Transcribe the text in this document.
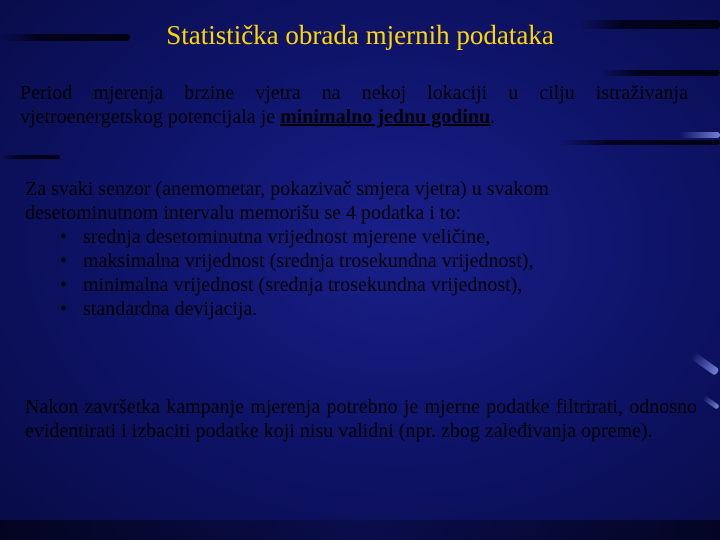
Statistička obrada mjernih podataka
Period mjerenja brzine vjetra na nekoj lokaciji u cilju istraživanja vjetroenergetskog potencijala je minimalno jednu godinu.
Za svaki senzor (anemometar, pokazivač smjera vjetra) u svakom desetominutnom intervalu memorišu se 4 podatka i to:
• srednja desetominutna vrijednost mjerene veličine,
• maksimalna vrijednost (srednja trosekundna vrijednost),
• minimalna vrijednost (srednja trosekundna vrijednost),
• standardna devijacija.
Nakon završetka kampanje mjerenja potrebno je mjerne podatke filtrirati, odnosno evidentirati i izbaciti podatke koji nisu validni (npr. zbog zaleđivanja opreme).
